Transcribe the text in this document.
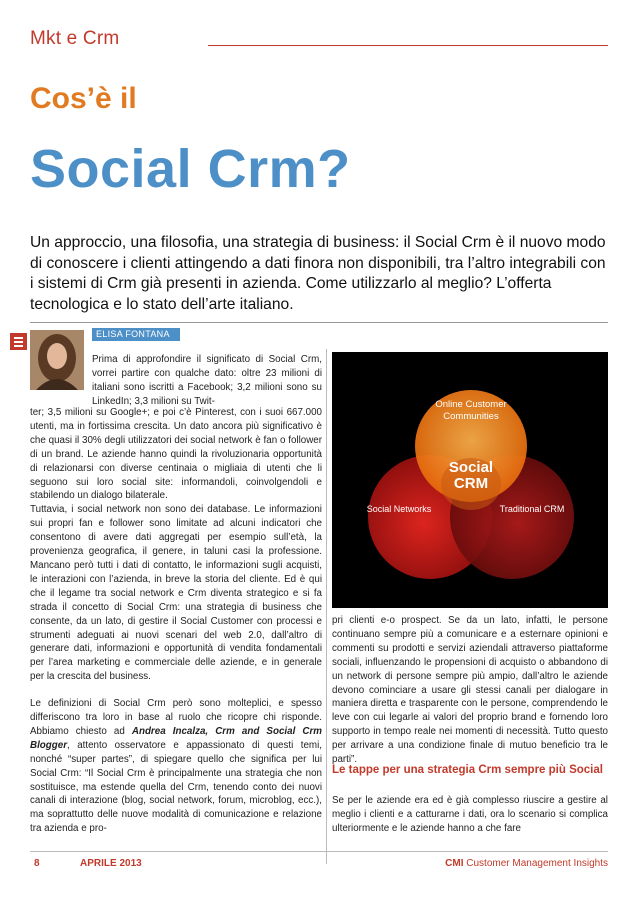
Mkt e Crm
Cos’è il
Social Crm?
Un approccio, una filosofia, una strategia di business: il Social Crm è il nuovo modo di conoscere i clienti attingendo a dati finora non disponibili, tra l’altro integrabili con i sistemi di Crm già presenti in azienda. Come utilizzarlo al meglio? L’offerta tecnologica e lo stato dell’arte italiano.
ELISA FONTANA

Prima di approfondire il significato di Social Crm, vorrei partire con qualche dato: oltre 23 milioni di italiani sono iscritti a Facebook; 3,2 milioni sono su LinkedIn; 3,3 milioni su Twit-

ter; 3,5 milioni su Google+; e poi c’è Pinterest, con i suoi 667.000 utenti, ma in fortissima crescita. Un dato ancora più significativo è che quasi il 30% degli utilizzatori dei social network è fan o follower di un brand. Le aziende hanno quindi la rivoluzionaria opportunità di relazionarsi con diverse centinaia o migliaia di utenti che li seguono sui loro social site: informandoli, coinvolgendoli e stabilendo un dialogo bilaterale.

Tuttavia, i social network non sono dei database. Le informazioni sui propri fan e follower sono limitate ad alcuni indicatori che consentono di avere dati aggregati per esempio sull’età, la provenienza geografica, il genere, in taluni casi la professione. Mancano però tutti i dati di contatto, le informazioni sugli acquisti, le interazioni con l’azienda, in breve la storia del cliente. Ed è qui che il legame tra social network e Crm diventa strategico e si fa strada il concetto di Social Crm: una strategia di business che consente, da un lato, di gestire il Social Customer con processi e strumenti adeguati ai nuovi scenari del web 2.0, dall’altro di generare dati, informazioni e opportunità di vendita fondamentali per l’area marketing e commerciale delle aziende, e in generale per la crescita del business.

Le definizioni di Social Crm però sono molteplici, e spesso differiscono tra loro in base al ruolo che ricopre chi risponde. Abbiamo chiesto ad Andrea Incalza, Crm and Social Crm Blogger, attento osservatore e appassionato di questi temi, nonché “super partes”, di spiegare quello che significa per lui Social Crm: “Il Social Crm è principalmente una strategia che non sostituisce, ma estende quella del Crm, tenendo conto dei nuovi canali di interazione (blog, social network, forum, microblog, ecc.), ma soprattutto delle nuove modalità di comunicazione e relazione tra azienda e pro-

Online Customer Communities
Social Networks	Traditional CRM
Social
CRM

pri clienti e-o prospect. Se da un lato, infatti, le persone continuano sempre più a comunicare e a esternare opinioni e commenti su prodotti e servizi aziendali attraverso piattaforme sociali, influenzando le propensioni di acquisto o abbandono di un network di persone sempre più ampio, dall’altro le aziende devono cominciare a usare gli stessi canali per dialogare in maniera diretta e trasparente con le persone, comprendendo le leve con cui legarle ai valori del proprio brand e fornendo loro supporto in tempo reale nei momenti di necessità. Tutto questo per arrivare a una condizione finale di mutuo beneficio tra le parti”.

Le tappe per una strategia Crm sempre più Social

Se per le aziende era ed è già complesso riuscire a gestire al meglio i clienti e a catturarne i dati, ora lo scenario si complica ulteriormente e le aziende hanno a che fare

8	APRILE 2013	CMI Customer Management Insights
